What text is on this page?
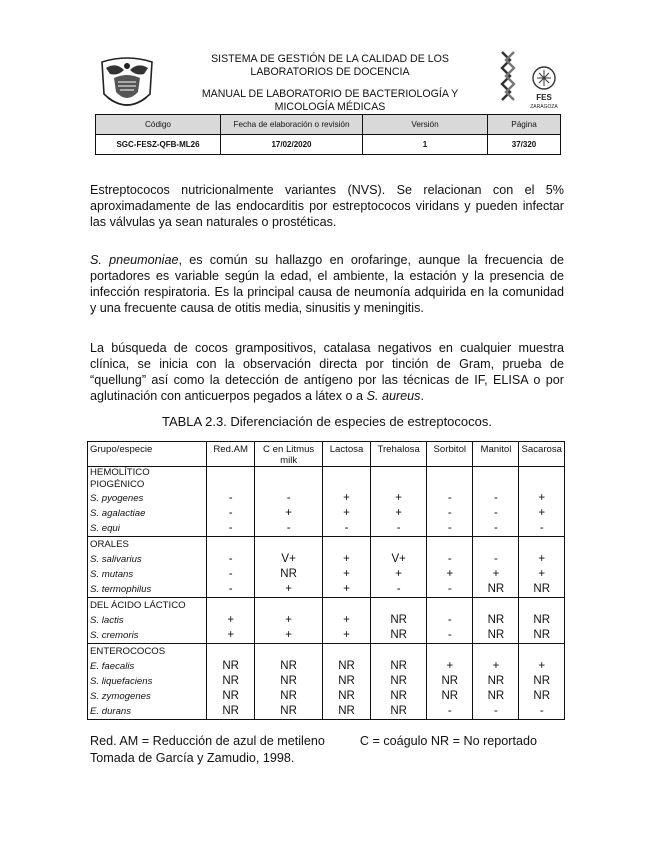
SISTEMA DE GESTIÓN DE LA CALIDAD DE LOS
LABORATORIOS DE DOCENCIA
MANUAL DE LABORATORIO DE BACTERIOLOGÍA Y
MICOLOGÍA MÉDICAS
FES
ZARAGOZA
Código	Fecha de elaboración o revisión	Versión	Página
SGC-FESZ-QFB-ML26	17/02/2020	1	37/320
Estreptococos nutricionalmente variantes (NVS). Se relacionan con el 5% aproximadamente de las endocarditis por estreptococos viridans y pueden infectar las válvulas ya sean naturales o prostéticas.
S. pneumoniae, es común su hallazgo en orofaringe, aunque la frecuencia de portadores es variable según la edad, el ambiente, la estación y la presencia de infección respiratoria. Es la principal causa de neumonía adquirida en la comunidad y una frecuente causa de otitis media, sinusitis y meningitis.
La búsqueda de cocos grampositivos, catalasa negativos en cualquier muestra clínica, se inicia con la observación directa por tinción de Gram, prueba de “quellung” así como la detección de antígeno por las técnicas de IF, ELISA o por aglutinación con anticuerpos pegados a látex o a S. aureus.
TABLA 2.3. Diferenciación de especies de estreptococos.
Grupo/especie	Red.AM	C en Litmus milk	Lactosa	Trehalosa	Sorbitol	Manitol	Sacarosa
HEMOLÍTICO PIOGÉNICO							
S. pyogenes	-	-	+	+	-	-	+
S. agalactiae	-	+	+	+	-	-	+
S. equi	-	-	-	-	-	-	-
ORALES							
S. salivarius	-	V+	+	V+	-	-	+
S. mutans	-	NR	+	+	+	+	+
S. termophilus	-	+	+	-	-	NR	NR
DEL ÁCIDO LÁCTICO							
S. lactis	+	+	+	NR	-	NR	NR
S. cremoris	+	+	+	NR	-	NR	NR
ENTEROCOCOS							
E. faecalis	NR	NR	NR	NR	+	+	+
S. liquefaciens	NR	NR	NR	NR	NR	NR	NR
S. zymogenes	NR	NR	NR	NR	NR	NR	NR
E. durans	NR	NR	NR	NR	-	-	-
Red. AM = Reducción de azul de metileno	C = coágulo NR = No reportado
Tomada de García y Zamudio, 1998.
